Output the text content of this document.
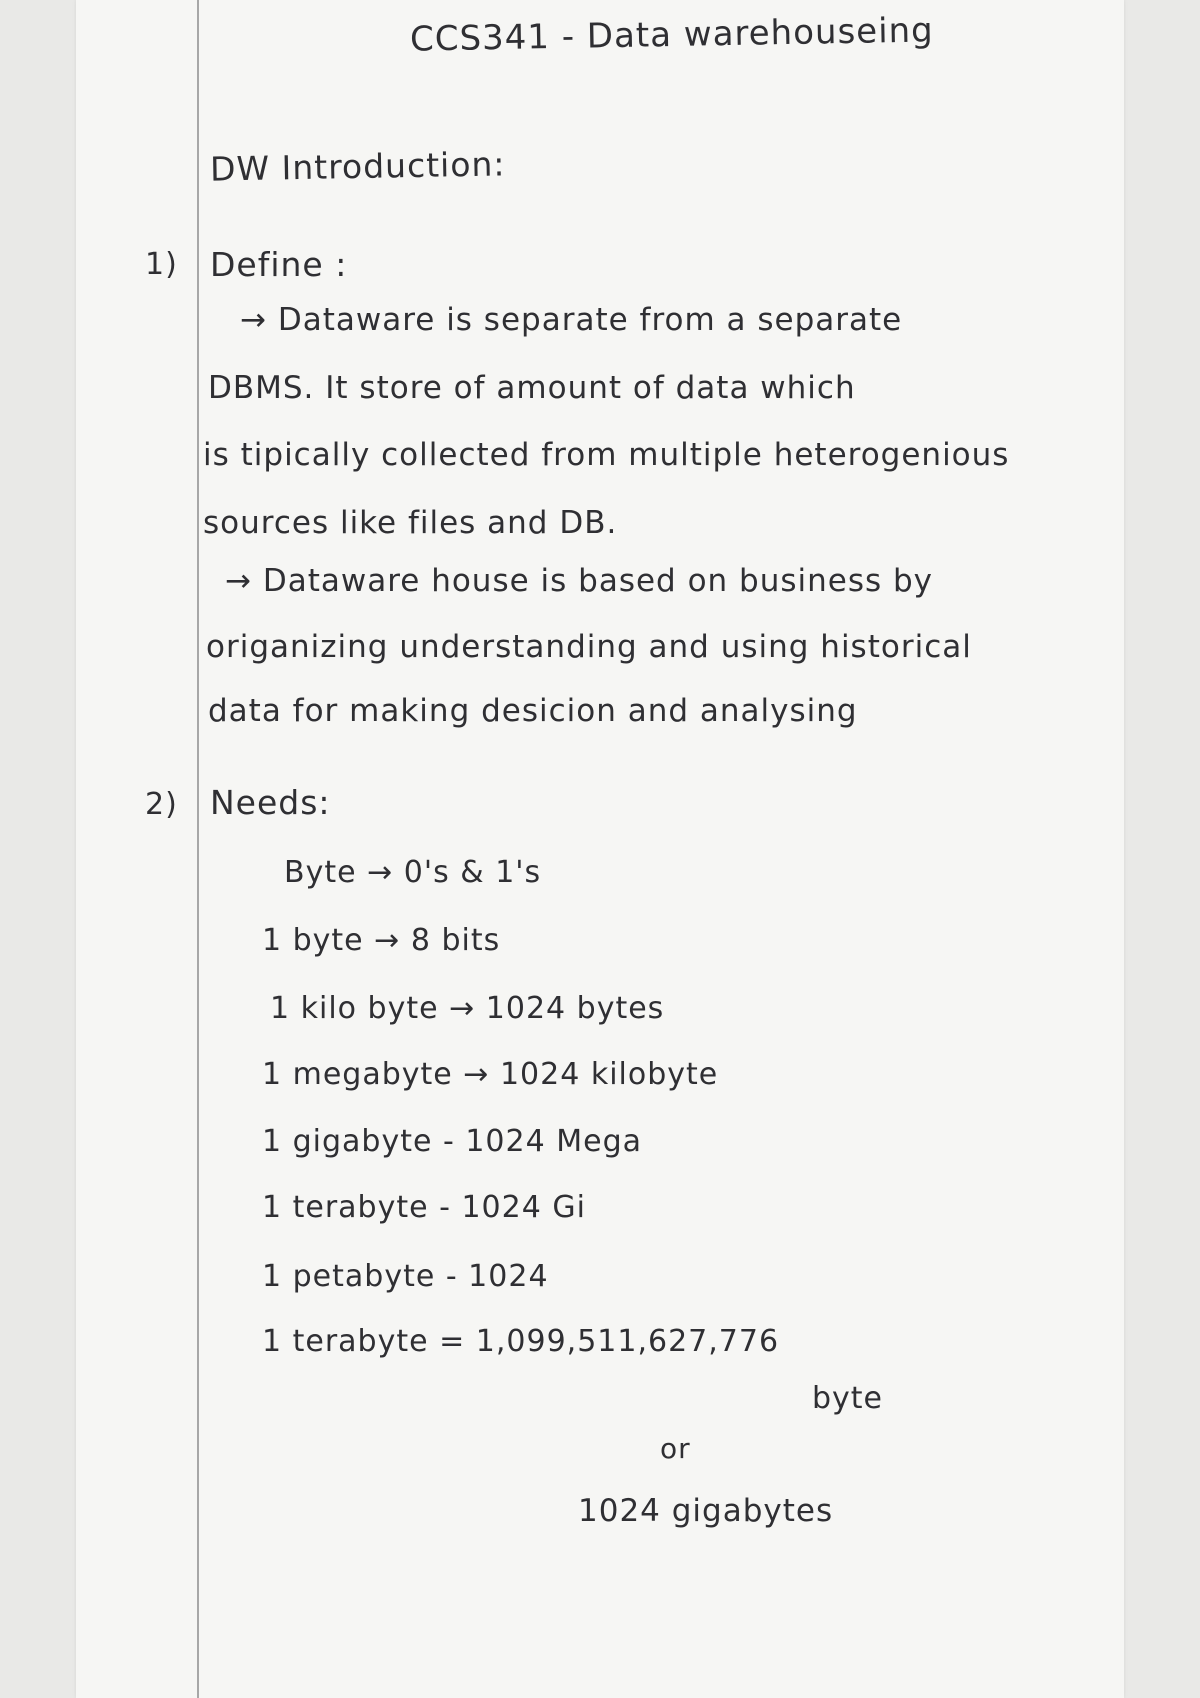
CCS341 - Data warehouseing
DW Introduction:
1) Define :
→ Dataware is separate from a separate
DBMS. It store of amount of data which
is tipically collected from multiple heterogenious
sources like files and DB.
→ Dataware house is based on business by
origanizing understanding and using historical
data for making desicion and analysing
2) Needs:
Byte → 0's & 1's
1 byte → 8 bits
1 kilo byte → 1024 bytes
1 megabyte → 1024 kilobyte
1 gigabyte - 1024 Mega
1 terabyte - 1024 Gi
1 petabyte - 1024
1 terabyte = 1,099,511,627,776
byte
or
1024 gigabytes
